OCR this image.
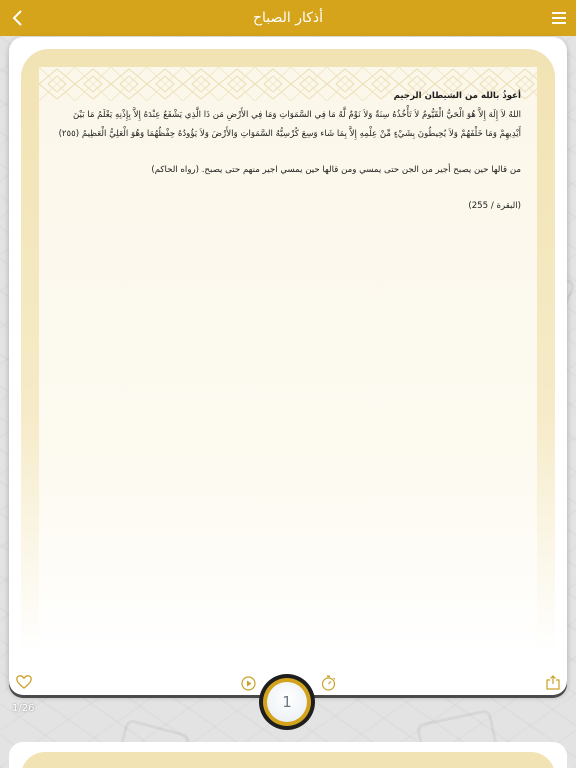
أذكار الصباح

أعوذُ بالله من الشيطان الرجيم

اللهُ لاَ إِلَهَ إِلاَّ هُوَ الْحَيُّ الْقَيُّومُ لاَ تَأْخُذُهُ سِنَةٌ وَلاَ نَوْمٌ لَّهُ مَا فِي السَّمَوَاتِ وَمَا فِي الأَرْضِ مَن ذَا الَّذِي يَشْفَعُ عِنْدَهُ إِلاَّ بِإِذْنِهِ يَعْلَمُ مَا بَيْنَ أَيْدِيهِمْ وَمَا خَلْفَهُمْ وَلاَ يُحِيطُونَ بِشَيْءٍ مِّنْ عِلْمِهِ إِلاَّ بِمَا شَاء وَسِعَ كُرْسِيُّهُ السَّمَوَاتِ وَالأَرْضَ وَلاَ يَؤُودُهُ حِفْظُهُمَا وَهُوَ الْعَلِيُّ الْعَظِيمُ (٢٥٥)

من قالها حين يصبح أجير من الجن حتى يمسي ومن قالها حين يمسي اجير منهم حتى يصبح. (رواه الحاكم)

(البقرة / 255)

1
1/26
